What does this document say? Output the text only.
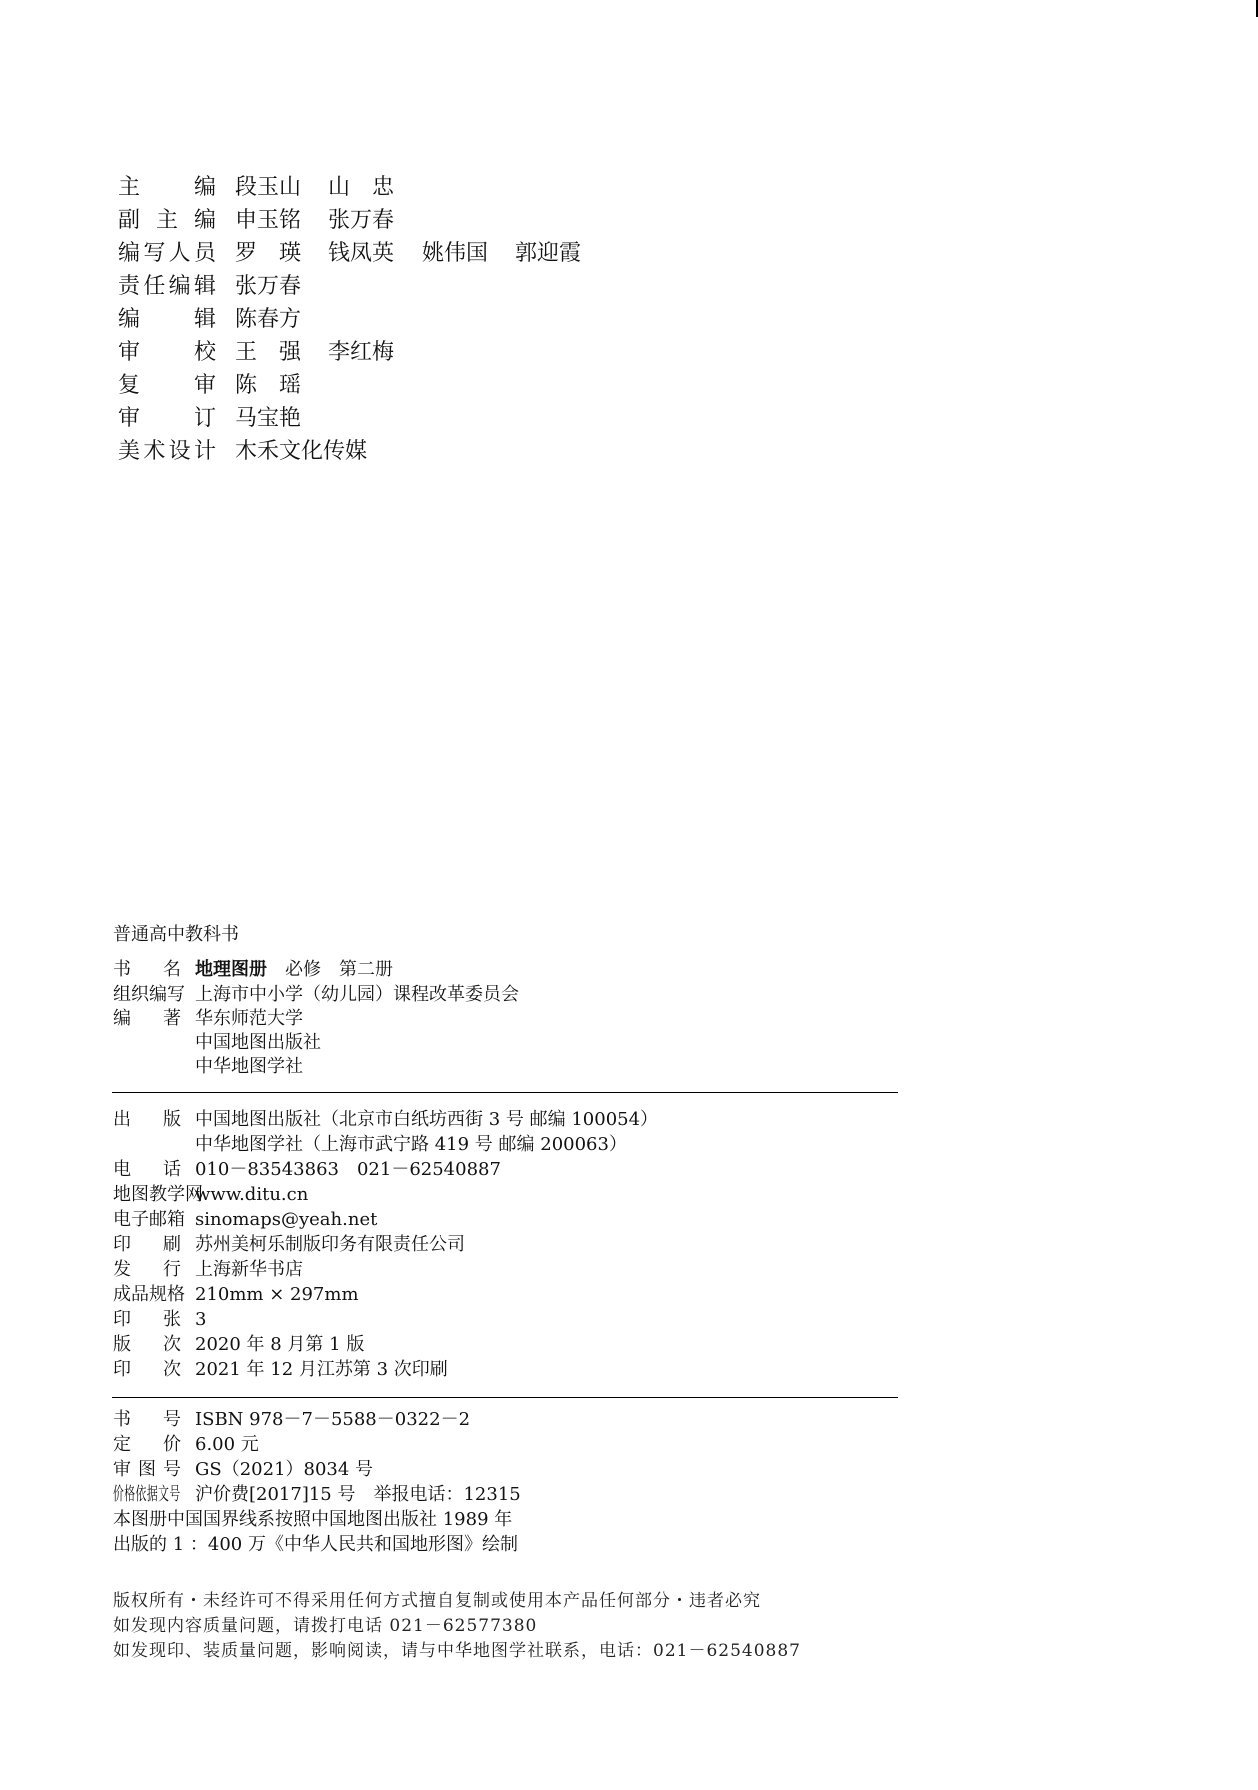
主编 段玉山 山忠
副主编 申玉铭 张万春
编写人员 罗瑛 钱凤英 姚伟国 郭迎霞
责任编辑 张万春
编辑 陈春方
审校 王强 李红梅
复审 陈瑶
审订 马宝艳
美术设计 木禾文化传媒
普通高中教科书
书名 地理图册　 必修　第二册
组织编写 上海市中小学（幼儿园）课程改革委员会
编著 华东师范大学
中国地图出版社
中华地图学社
出版 中国地图出版社（北京市白纸坊西街 3 号 邮编 100054）
中华地图学社（上海市武宁路 419 号 邮编 200063）
电话 010－83543863　021－62540887
地图教学网
www.ditu.cn
电子邮箱 sinomaps@yeah.net
印刷 苏州美柯乐制版印务有限责任公司
发行 上海新华书店
成品规格 210mm × 297mm
印张 3
版次 2020 年 8 月第 1 版
印次 2021 年 12 月江苏第 3 次印刷
书号 ISBN 978－7－5588－0322－2
定价 6.00 元
审图号 GS（2021）8034 号
价格依据文号 沪价费[2017]15 号　举报电话：12315
本图册中国国界线系按照中国地图出版社 1989 年
出版的 1 ：400 万《中华人民共和国地形图》绘制
版权所有・未经许可不得采用任何方式擅自复制或使用本产品任何部分・违者必究
如发现内容质量问题，请拨打电话 021－62577380
如发现印、装质量问题，影响阅读，请与中华地图学社联系，电话：021－62540887
